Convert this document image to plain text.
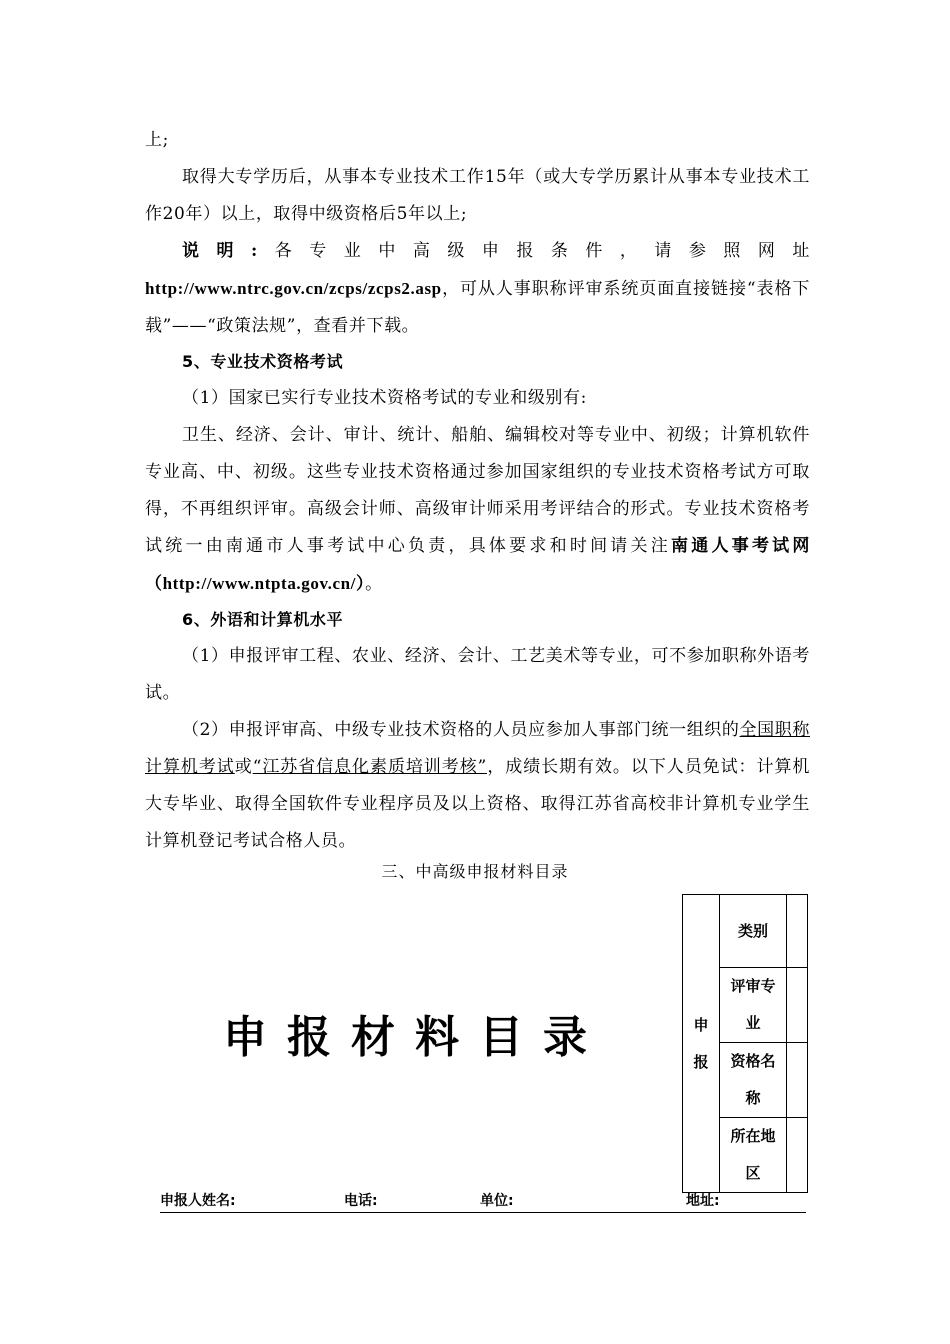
上;

取得大专学历后，从事本专业技术工作15年（或大专学历累计从事本专业技术工作20年）以上，取得中级资格后5年以上;

说明:各专业中高级申报条件，请参照网址http://www.ntrc.gov.cn/zcps/zcps2.asp，可从人事职称评审系统页面直接链接“表格下载”——“政策法规”，查看并下载。

5、专业技术资格考试

（1）国家已实行专业技术资格考试的专业和级别有:

卫生、经济、会计、审计、统计、船舶、编辑校对等专业中、初级；计算机软件专业高、中、初级。这些专业技术资格通过参加国家组织的专业技术资格考试方可取得，不再组织评审。高级会计师、高级审计师采用考评结合的形式。专业技术资格考试统一由南通市人事考试中心负责，具体要求和时间请关注南通人事考试网（http://www.ntpta.gov.cn/）。

6、外语和计算机水平

（1）申报评审工程、农业、经济、会计、工艺美术等专业，可不参加职称外语考试。

（2）申报评审高、中级专业技术资格的人员应参加人事部门统一组织的全国职称计算机考试或“江苏省信息化素质培训考核”，成绩长期有效。以下人员免试：计算机大专毕业、取得全国软件专业程序员及以上资格、取得江苏省高校非计算机专业学生计算机登记考试合格人员。

三、中高级申报材料目录
申报材料目录	申报	类别	

	评审专业	

	资格名称	

	所在地区	

申报人姓名:	电话:	单位:	地址:
